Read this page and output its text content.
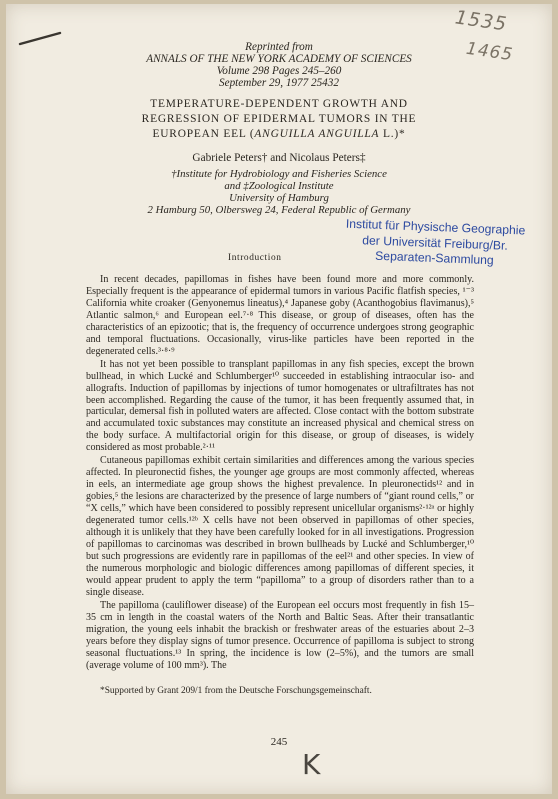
1535
1465
Reprinted from
ANNALS OF THE NEW YORK ACADEMY OF SCIENCES
Volume 298 Pages 245–260
September 29, 1977 25432
TEMPERATURE-DEPENDENT GROWTH AND
REGRESSION OF EPIDERMAL TUMORS IN THE
EUROPEAN EEL (ANGUILLA ANGUILLA L.)*
Gabriele Peters† and Nicolaus Peters‡
†Institute for Hydrobiology and Fisheries Science
and ‡Zoological Institute
University of Hamburg
2 Hamburg 50, Olbersweg 24, Federal Republic of Germany
Institut für Physische Geographie
der Universität Freiburg/Br.
Separaten-Sammlung
Introduction

In recent decades, papillomas in fishes have been found more and more commonly. Especially frequent is the appearance of epidermal tumors in various Pacific flatfish species, ¹⁻³ California white croaker (Genyonemus lineatus),⁴ Japanese goby (Acanthogobius flavimanus),⁵ Atlantic salmon,⁶ and European eel.⁷·⁸ This disease, or group of diseases, often has the characteristics of an epizootic; that is, the frequency of occurrence undergoes strong geographic and temporal fluctuations. Occasionally, virus-like particles have been reported in the degenerated cells.³·⁸·⁹

It has not yet been possible to transplant papillomas in any fish species, except the brown bullhead, in which Lucké and Schlumberger¹⁰ succeeded in establishing intraocular iso- and allografts. Induction of papillomas by injections of tumor homogenates or ultrafiltrates has not been accomplished. Regarding the cause of the tumor, it has been frequently assumed that, in particular, demersal fish in polluted waters are affected. Close contact with the bottom substrate and accumulated toxic substances may constitute an increased physical and chemical stress on the body surface. A multifactorial origin for this disease, or group of diseases, is widely considered as most probable.²·¹¹

Cutaneous papillomas exhibit certain similarities and differences among the various species affected. In pleuronectid fishes, the younger age groups are most commonly affected, whereas in eels, an intermediate age group shows the highest prevalence. In pleuronectids¹² and in gobies,⁵ the lesions are characterized by the presence of large numbers of “giant round cells,” or “X cells,” which have been considered to possibly represent unicellular organisms²·¹²ᵃ or highly degenerated tumor cells.¹²ᵇ X cells have not been observed in papillomas of other species, although it is unlikely that they have been carefully looked for in all investigations. Progression of papillomas to carcinomas was described in brown bullheads by Lucké and Schlumberger,¹⁰ but such progressions are evidently rare in papillomas of the eel²¹ and other species. In view of the numerous morphologic and biologic differences among papillomas of different species, it would appear prudent to apply the term “papilloma” to a group of disorders rather than to a single disease.

The papilloma (cauliflower disease) of the European eel occurs most frequently in fish 15–35 cm in length in the coastal waters of the North and Baltic Seas. After their transatlantic migration, the young eels inhabit the brackish or freshwater areas of the estuaries about 2–3 years before they display signs of tumor presence. Occurrence of papilloma is subject to strong seasonal fluctuations.¹³ In spring, the incidence is low (2–5%), and the tumors are small (average volume of 100 mm³). The

*Supported by Grant 209/1 from the Deutsche Forschungsgemeinschaft.
245
K
